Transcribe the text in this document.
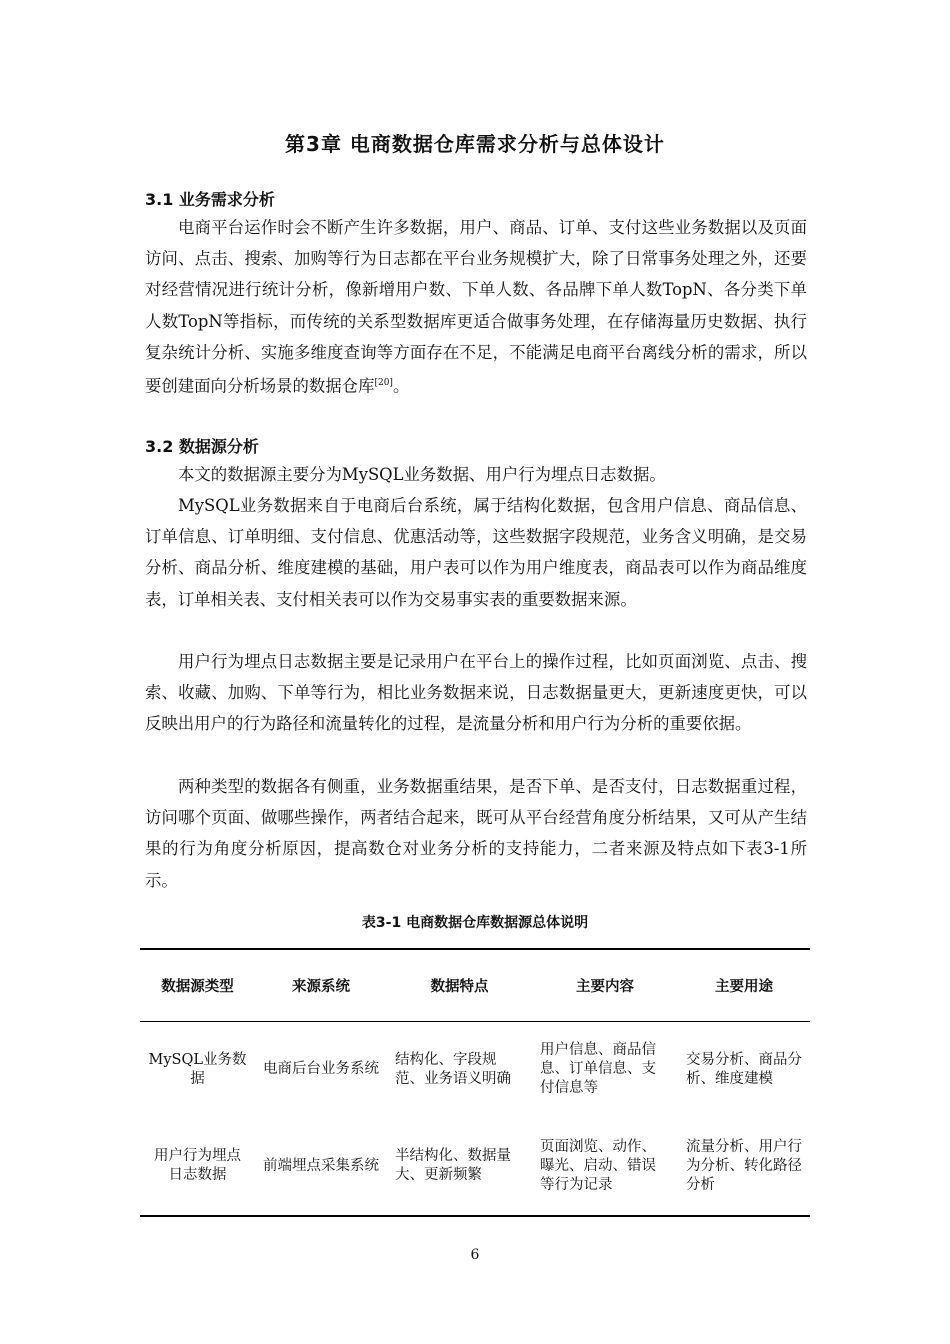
第3章 电商数据仓库需求分析与总体设计
3.1 业务需求分析

电商平台运作时会不断产生许多数据，用户、商品、订单、支付这些业务数据以及页面访问、点击、搜索、加购等行为日志都在平台业务规模扩大，除了日常事务处理之外，还要对经营情况进行统计分析，像新增用户数、下单人数、各品牌下单人数TopN、各分类下单人数TopN等指标，而传统的关系型数据库更适合做事务处理，在存储海量历史数据、执行复杂统计分析、实施多维度查询等方面存在不足，不能满足电商平台离线分析的需求，所以要创建面向分析场景的数据仓库[20]。

3.2 数据源分析

本文的数据源主要分为MySQL业务数据、用户行为埋点日志数据。

MySQL业务数据来自于电商后台系统，属于结构化数据，包含用户信息、商品信息、订单信息、订单明细、支付信息、优惠活动等，这些数据字段规范，业务含义明确，是交易分析、商品分析、维度建模的基础，用户表可以作为用户维度表，商品表可以作为商品维度表，订单相关表、支付相关表可以作为交易事实表的重要数据来源。

用户行为埋点日志数据主要是记录用户在平台上的操作过程，比如页面浏览、点击、搜索、收藏、加购、下单等行为，相比业务数据来说，日志数据量更大，更新速度更快，可以反映出用户的行为路径和流量转化的过程，是流量分析和用户行为分析的重要依据。

两种类型的数据各有侧重，业务数据重结果，是否下单、是否支付，日志数据重过程，访问哪个页面、做哪些操作，两者结合起来，既可从平台经营角度分析结果，又可从产生结果的行为角度分析原因，提高数仓对业务分析的支持能力，二者来源及特点如下表3-1所示。

表3-1 电商数据仓库数据源总体说明
数据源类型	来源系统	数据特点	主要内容	主要用途
MySQL业务数据	电商后台业务系统	结构化、字段规范、业务语义明确	用户信息、商品信息、订单信息、支付信息等	交易分析、商品分析、维度建模
用户行为埋点日志数据	前端埋点采集系统	半结构化、数据量大、更新频繁	页面浏览、动作、曝光、启动、错误等行为记录	流量分析、用户行为分析、转化路径分析
6
